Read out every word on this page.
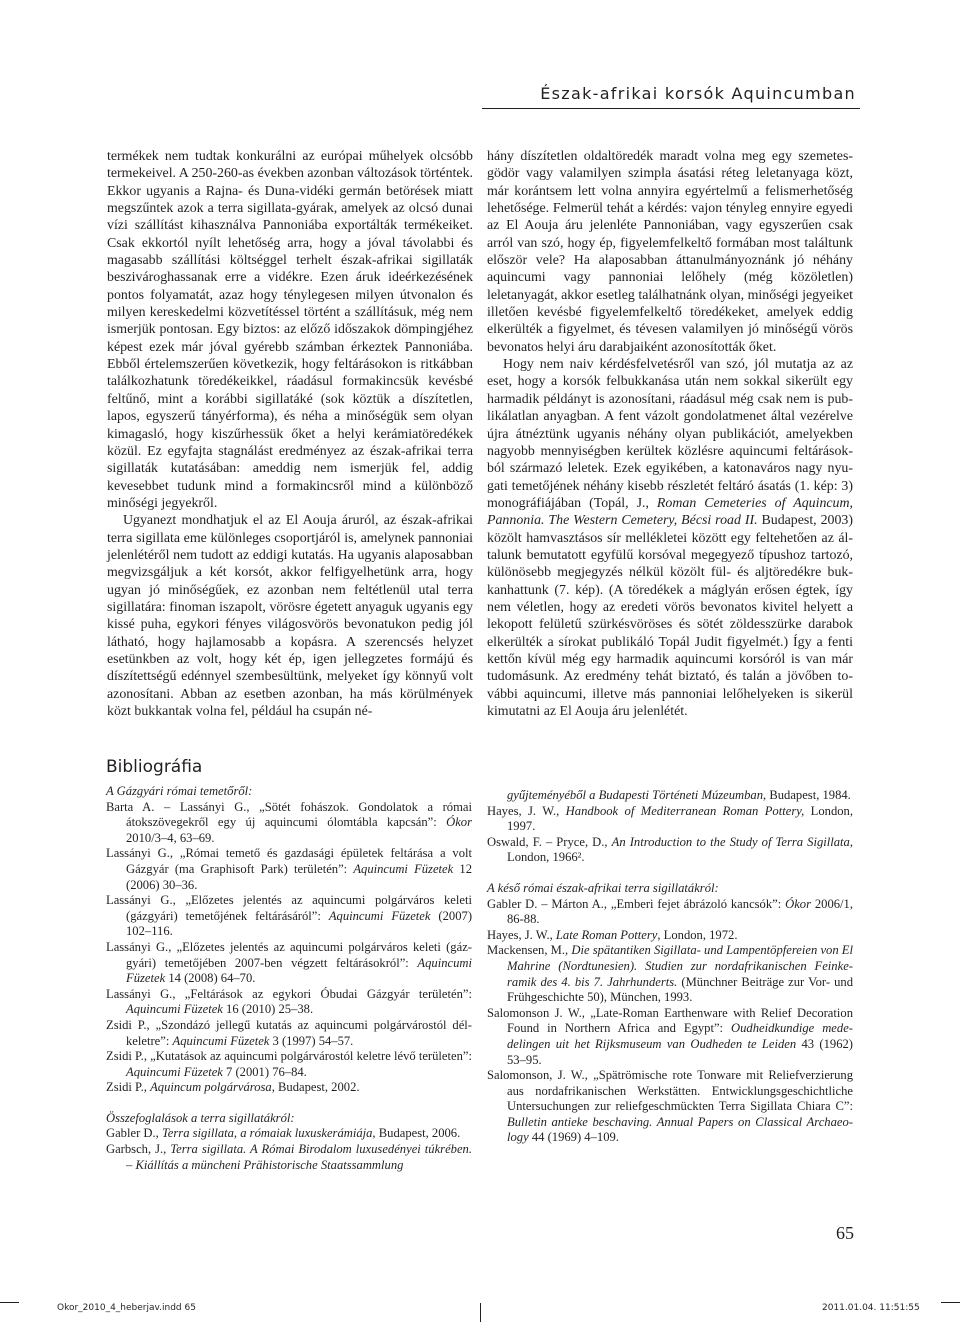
Észak-afrikai korsók Aquincumban

termékek nem tudtak konkurálni az európai műhelyek olcsóbb termekeivel. A 250-260-as években azonban változások történtek. Ekkor ugyanis a Rajna- és Duna-vidéki germán betörések miatt megszűntek azok a terra sigillata-gyárak, amelyek az olcsó dunai vízi szállítást kihasználva Pannoniába exportálták termékeiket. Csak ekkortól nyílt lehetőség arra, hogy a jóval távolabbi és magasabb szállítási költséggel terhelt észak-afrikai sigillaták beszivároghassanak erre a vidékre. Ezen áruk ideérkezésének pontos folyamatát, azaz hogy ténylegesen milyen útvonalon és milyen kereskedelmi közvetítéssel történt a szállításuk, még nem ismerjük pontosan. Egy biztos: az előző időszakok dömpingjéhez képest ezek már jóval gyérebb számban érkeztek Pannoniába. Ebből értelemszerűen következik, hogy feltárásokon is ritkábban találkozhatunk töredékeikkel, ráadásul formakincsük kevésbé feltűnő, mint a korábbi sigillatáké (sok köztük a díszítetlen, lapos, egyszerű tányérforma), és néha a minőségük sem olyan kimagasló, hogy kiszűrhessük őket a helyi kerámiatöredékek közül. Ez egyfajta stagnálást eredményez az észak-afrikai terra sigillaták kutatásában: ameddig nem ismerjük fel, addig kevesebbet tudunk mind a formakincsről mind a különböző minőségi jegyekről.

Ugyanezt mondhatjuk el az El Aouja áruról, az észak-afrikai terra sigillata eme különleges csoportjáról is, amelynek pannoniai jelenlétéről nem tudott az eddigi kutatás. Ha ugyanis alaposabban megvizsgáljuk a két korsót, akkor felfigyelhetünk arra, hogy ugyan jó minőségűek, ez azonban nem feltétlenül utal terra sigillatára: finoman iszapolt, vörösre égetett anyaguk ugyanis egy kissé puha, egykori fényes világosvörös bevonatukon pedig jól látható, hogy hajlamosabb a kopásra. A szerencsés helyzet esetünkben az volt, hogy két ép, igen jellegzetes formájú és díszítettségű edénnyel szembesültünk, melyeket így könnyű volt azonosítani. Abban az esetben azonban, ha más körülmények közt bukkantak volna fel, például ha csupán né-

hány díszítetlen oldaltöredék maradt volna meg egy szemetesgödör vagy valamilyen szimpla ásatási réteg leletanyaga közt, már korántsem lett volna annyira egyértelmű a felismerhetőség lehetősége. Felmerül tehát a kérdés: vajon tényleg ennyire egyedi az El Aouja áru jelenléte Pannoniában, vagy egyszerűen csak arról van szó, hogy ép, figyelemfelkeltő formában most találtunk először vele? Ha alaposabban áttanulmányoznánk jó néhány aquincumi vagy pannoniai lelőhely (még közöletlen) leletanyagát, akkor esetleg találhatnánk olyan, minőségi jegyeiket illetően kevésbé figyelemfelkeltő töredékeket, amelyek eddig elkerülték a figyelmet, és tévesen valamilyen jó minőségű vörös bevonatos helyi áru darabjaiként azonosították őket.

Hogy nem naiv kérdésfelvetésről van szó, jól mutatja az az eset, hogy a korsók felbukkanása után nem sokkal sikerült egy harmadik példányt is azonosítani, ráadásul még csak nem is publikálatlan anyagban. A fent vázolt gondolatmenet által vezérelve újra átnéztünk ugyanis néhány olyan publikációt, amelyekben nagyobb mennyiségben kerültek közlésre aquincumi feltárásokból származó leletek. Ezek egyikében, a katonaváros nagy nyugati temetőjének néhány kisebb részletét feltáró ásatás (1. kép: 3) monográfiájában (Topál, J., Roman Cemeteries of Aquincum, Pannonia. The Western Cemetery, Bécsi road II. Budapest, 2003) közölt hamvasztásos sír mellékletei között egy feltehetően az általunk bemutatott egyfülű korsóval megegyező típushoz tartozó, különösebb megjegyzés nélkül közölt fül- és aljtöredékre bukkanhattunk (7. kép). (A töredékek a máglyán erősen égtek, így nem véletlen, hogy az eredeti vörös bevonatos kivitel helyett a lekopott felületű szürkésvöröses és sötét zöldesszürke darabok elkerülték a sírokat publikáló Topál Judit figyelmét.) Így a fenti kettőn kívül még egy harmadik aquincumi korsóról is van már tudomásunk. Az eredmény tehát biztató, és talán a jövőben további aquincumi, illetve más pannoniai lelőhelyeken is sikerül kimutatni az El Aouja áru jelenlétét.

Bibliográfia

A Gázgyári római temetőről:

Barta A. – Lassányi G., „Sötét fohászok. Gondolatok a római átokszövegekről egy új aquincumi ólomtábla kapcsán”: Ókor 2010/3–4, 63–69.

Lassányi G., „Római temető és gazdasági épületek feltárása a volt Gázgyár (ma Graphisoft Park) területén”: Aquincumi Füzetek 12 (2006) 30–36.

Lassányi G., „Előzetes jelentés az aquincumi polgárváros keleti (gázgyári) temetőjének feltárásáról”: Aquincumi Füzetek (2007) 102–116.

Lassányi G., „Előzetes jelentés az aquincumi polgárváros keleti (gázgyári) temetőjében 2007-ben végzett feltárásokról”: Aquincumi Füzetek 14 (2008) 64–70.

Lassányi G., „Feltárások az egykori Óbudai Gázgyár területén”: Aquincumi Füzetek 16 (2010) 25–38.

Zsidi P., „Szondázó jellegű kutatás az aquincumi polgárvárostól délkeletre”: Aquincumi Füzetek 3 (1997) 54–57.

Zsidi P., „Kutatások az aquincumi polgárvárostól keletre lévő területen”: Aquincumi Füzetek 7 (2001) 76–84.

Zsidi P., Aquincum polgárvárosa, Budapest, 2002.

Összefoglalások a terra sigillatákról:

Gabler D., Terra sigillata, a rómaiak luxuskerámiája, Budapest, 2006.

Garbsch, J., Terra sigillata. A Római Birodalom luxusedényei túkrében. – Kiállítás a müncheni Prähistorische Staatssammlung

gyűjteményéből a Budapesti Történeti Múzeumban, Budapest, 1984.

Hayes, J. W., Handbook of Mediterranean Roman Pottery, London, 1997.

Oswald, F. – Pryce, D., An Introduction to the Study of Terra Sigillata, London, 1966².

A késő római észak-afrikai terra sigillatákról:

Gabler D. – Márton A., „Emberi fejet ábrázoló kancsók”: Ókor 2006/1, 86-88.

Hayes, J. W., Late Roman Pottery, London, 1972.

Mackensen, M., Die spätantiken Sigillata- und Lampentöpfereien von El Mahrine (Nordtunesien). Studien zur nordafrikanischen Feinkeramik des 4. bis 7. Jahrhunderts. (Münchner Beiträge zur Vor- und Frühgeschichte 50), München, 1993.

Salomonson J. W., „Late-Roman Earthenware with Relief Decoration Found in Northern Africa and Egypt”: Oudheidkundige mededelingen uit het Rijksmuseum van Oudheden te Leiden 43 (1962) 53–95.

Salomonson, J. W., „Spätrömische rote Tonware mit Reliefverzierung aus nordafrikanischen Werkstätten. Entwicklungsgeschichtliche Untersuchungen zur reliefgeschmückten Terra Sigillata Chiara C”: Bulletin antieke beschaving. Annual Papers on Classical Archaeology 44 (1969) 4–109.

65
Okor_2010_4_heberjav.indd 65	2011.01.04. 11:51:55
